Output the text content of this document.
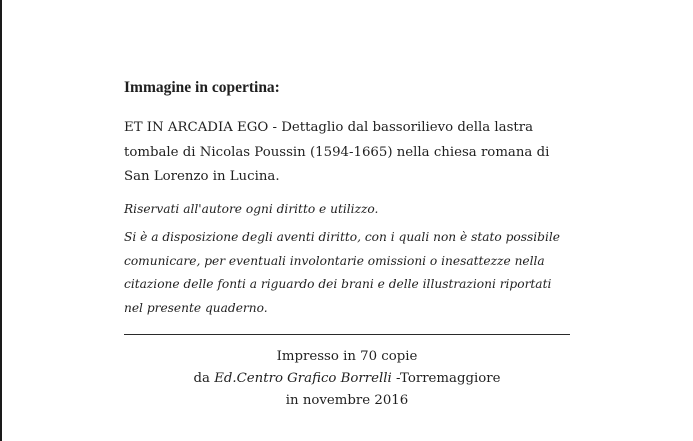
Immagine in copertina:

ET IN ARCADIA EGO - Dettaglio dal bassorilievo della lastra
tombale di Nicolas Poussin (1594-1665) nella chiesa romana di
San Lorenzo in Lucina.

Riservati all'autore ogni diritto e utilizzo.

Si è a disposizione degli aventi diritto, con i quali non è stato possibile
comunicare, per eventuali involontarie omissioni o inesattezze nella
citazione delle fonti a riguardo dei brani e delle illustrazioni riportati
nel presente quaderno.

Impresso in 70 copie
da Ed.Centro Grafico Borrelli -Torremaggiore
in novembre 2016
